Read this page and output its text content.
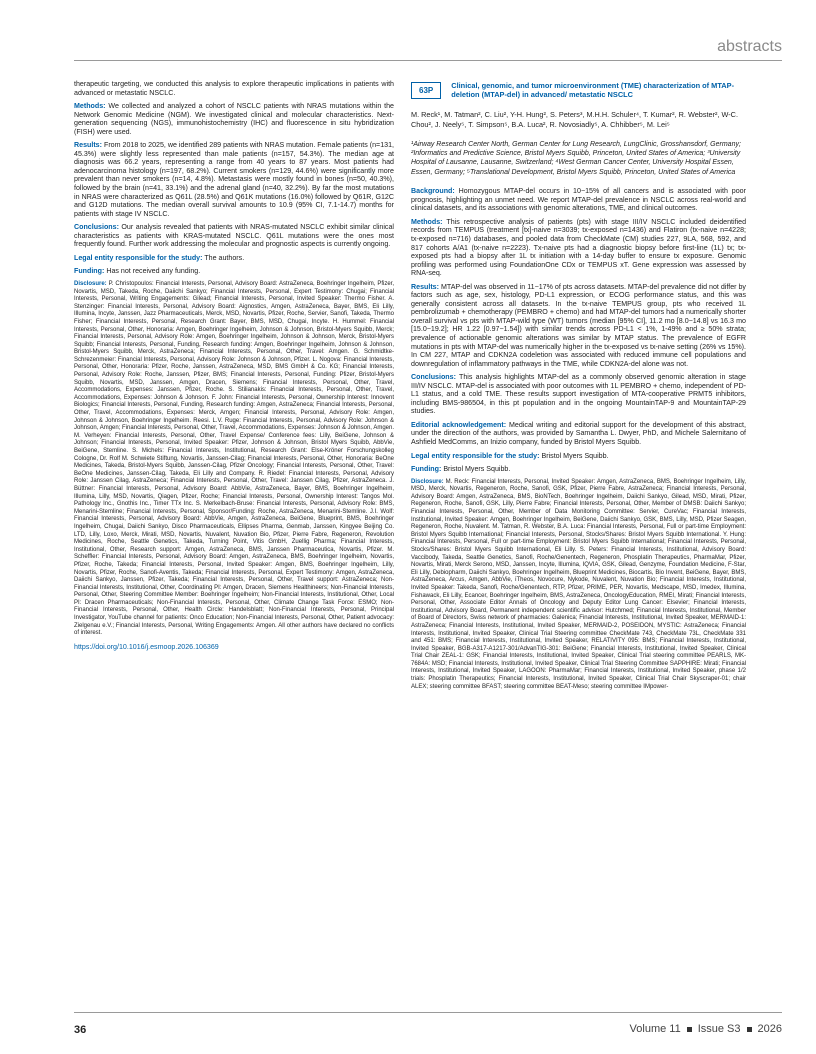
abstracts

therapeutic targeting, we conducted this analysis to explore therapeutic implications in patients with advanced or metastatic NSCLC.

Methods: We collected and analyzed a cohort of NSCLC patients with NRAS mutations within the Network Genomic Medicine (NGM). We investigated clinical and molecular characteristics. Next-generation sequencing (NGS), immunohistochemistry (IHC) and fluorescence in situ hybridization (FISH) were used.

Results: From 2018 to 2025, we identified 289 patients with NRAS mutation. Female patients (n=131, 45.3%) were slightly less represented than male patients (n=157, 54.3%). The median age at diagnosis was 66.2 years, representing a range from 40 years to 87 years. Most patients had adenocarcinoma histology (n=197, 68.2%). Current smokers (n=129, 44.6%) were significantly more prevalent than never smokers (n=14, 4.8%). Metastasis were mostly found in bones (n=50, 40.3%), followed by the brain (n=41, 33.1%) and the adrenal gland (n=40, 32.2%). By far the most mutations in NRAS were characterized as Q61L (28.5%) and Q61K mutations (16.0%) followed by Q61R, G12C and G12D mutations. The median overall survival amounts to 10.9 (95% CI, 7.1-14.7) months for patients with stage IV NSCLC.

Conclusions: Our analysis revealed that patients with NRAS-mutated NSCLC exhibit similar clinical characteristics as patients with KRAS-mutated NSCLC. Q61L mutations were the ones most frequently found. Further work addressing the molecular and prognostic aspects is currently ongoing.

Legal entity responsible for the study: The authors.

Funding: Has not received any funding.

Disclosure: P. Christopoulos: Financial Interests, Personal, Advisory Board: AstraZeneca, Boehringer Ingelheim, Pfizer, Novartis, MSD, Takeda, Roche, Daiichi Sankyo; Financial Interests, Personal, Expert Testimony: Chugai; Financial Interests, Personal, Writing Engagements: Gilead; Financial Interests, Personal, Invited Speaker: Thermo Fisher. A. Stenzinger: Financial Interests, Personal, Advisory Board: Aignostics, Amgen, AstraZeneca, Bayer, BMS, Eli Lilly, Illumina, Incyte, Janssen, Jazz Pharmaceuticals, Merck, MSD, Novartis, Pfizer, Roche, Servier, Sanofi, Takeda, Thermo Fisher; Financial Interests, Personal, Research Grant: Bayer, BMS, MSD, Chugai, Incyte. H. Hummel: Financial Interests, Personal, Other, Honoraria: Amgen, Boehringer Ingelheim, Johnson & Johnson, Bristol-Myers Squibb, Merck; Financial Interests, Personal, Advisory Role: Amgen, Boehringer Ingelheim, Johnson & Johnson, Merck, Bristol-Myers Squibb; Financial Interests, Personal, Funding, Research funding: Amgen, Boehringer Ingelheim, Johnson & Johnson, Bristol-Myers Squibb, Merck, AstraZeneca; Financial Interests, Personal, Other, Travel: Amgen. G. Schmidtke-Schrezenmeier: Financial Interests, Personal, Advisory Role: Johnson & Johnson, Pfizer. L. Nogova: Financial Interests, Personal, Other, Honoraria: Pfizer, Roche, Janssen, AstraZeneca, MSD, BMS GmbH & Co. KG; Financial Interests, Personal, Advisory Role: Roche, Janssen, Pfizer, BMS; Financial Interests, Personal, Funding: Pfizer, Bristol-Myers Squibb, Novartis, MSD, Janssen, Amgen, Dracen, Siemens; Financial Interests, Personal, Other, Travel, Accommodations, Expenses: Janssen, Pfizer, Roche. S. Stilianakis: Financial Interests, Personal, Other, Travel, Accommodations, Expenses: Johnson & Johnson. F. John: Financial Interests, Personal, Ownership Interest: Innovent Biologics; Financial Interests, Personal, Funding, Research funding: Amgen, AstraZeneca; Financial Interests, Personal, Other, Travel, Accommodations, Expenses: Merck, Amgen; Financial Interests, Personal, Advisory Role: Amgen, Johnson & Johnson, Boehringer Ingelheim. Reesi. L.V. Ruge: Financial Interests, Personal, Advisory Role: Johnson & Johnson, Amgen; Financial Interests, Personal, Other, Travel, Accommodations, Expenses: Johnson & Johnson, Amgen. M. Verheyen: Financial Interests, Personal, Other, Travel Expense/ Conference fees: Lilly, BeiGene, Johnson & Johnson; Financial Interests, Personal, Invited Speaker: Pfizer, Johnson & Johnson, Bristol Myers Squibb, AbbVie, BeiGene, Stemline. S. Michels: Financial Interests, Institutional, Research Grant: Else-Kröner Forschungskolleg Cologne, Dr. Rolf M. Schwiete Stiftung, Novartis, Janssen-Cilag; Financial Interests, Personal, Other, Honoraria: BeOne Medicines, Takeda, Bristol-Myers Squibb, Janssen-Cilag, Pfizer Oncology; Financial Interests, Personal, Other, Travel: BeOne Medicines, Janssen-Cilag, Takeda, Eli Lilly and Company. R. Riedel: Financial Interests, Personal, Advisory Role: Janssen Cilag, AstraZeneca; Financial Interests, Personal, Other, Travel: Janssen Cilag, Pfizer, AstraZeneca. J. Büttner: Financial Interests, Personal, Advisory Board: AbbVie, AstraZeneca, Bayer, BMS, Boehringer Ingelheim, Illumina, Lilly, MSD, Novartis, Qiagen, Pfizer, Roche; Financial Interests, Personal, Ownership Interest: Tangos Mol. Pathology Inc., Gnothis Inc., Timer TTx Inc. S. Merkelbach-Bruse: Financial Interests, Personal, Advisory Role: BMS, Menarini-Stemline; Financial Interests, Personal, Sponsor/Funding: Roche, AstraZeneca, Menarini-Stemline. J.I. Wolf: Financial Interests, Personal, Advisory Board: AbbVie, Amgen, AstraZeneca, BeiGene, Blueprint, BMS, Boehringer Ingelheim, Chugai, Daiichi Sankyo, Disco Pharmaceuticals, Ellipses Pharma, Genmab, Janssen, Kingyee Beijing Co. LTD, Lilly, Loxo, Merck, Mirati, MSD, Novartis, Nuvalent, Nuvation Bio, Pfizer, Pierre Fabre, Regeneron, Revolution Medicines, Roche, Seattle Genetics, Takeda, Turning Point, Vitis GmbH, Zuellig Pharma; Financial Interests, Institutional, Other, Research support: Amgen, AstraZeneca, BMS, Janssen Pharmaceutica, Novartis, Pfizer. M. Scheffler: Financial Interests, Personal, Advisory Board: Amgen, AstraZeneca, BMS, Boehringer Ingelheim, Novartis, Pfizer, Roche, Takeda; Financial Interests, Personal, Invited Speaker: Amgen, BMS, Boehringer Ingelheim, Lilly, Novartis, Pfizer, Roche, Sanofi-Aventis, Takeda; Financial Interests, Personal, Expert Testimony: Amgen, AstraZeneca, Daiichi Sankyo, Janssen, Pfizer, Takeda; Financial Interests, Personal, Other, Travel support: AstraZeneca; Non-Financial Interests, Institutional, Other, Coordinating PI: Amgen, Dracen, Siemens Healthineers; Non-Financial Interests, Personal, Other, Steering Committee Member: Boehringer Ingelheim; Non-Financial Interests, Institutional, Other, Local PI: Dracen Pharmaceuticals; Non-Financial Interests, Personal, Other, Climate Change Task Force: ESMO; Non-Financial Interests, Personal, Other, Health Circle: Handelsblatt; Non-Financial Interests, Personal, Principal Investigator, YouTube channel for patients: Onco Education; Non-Financial Interests, Personal, Other, Patient advocacy: Zielgenau e.V.; Financial Interests, Personal, Writing Engagements: Amgen. All other authors have declared no conflicts of interest.

https://doi.org/10.1016/j.esmoop.2026.106369
63P
Clinical, genomic, and tumor microenvironment (TME) characterization of MTAP-deletion (MTAP-del) in advanced/ metastatic NSCLC

M. Reck¹, M. Tatman², C. Liu², Y-H. Hung², S. Peters³, M.H.H. Schuler⁴, T. Kumar², R. Webster², W-C. Chou², J. Neely⁵, T. Simpson⁵, B.A. Luca², R. Novosiadly⁵, A. Chhibber⁵, M. Lei⁵

¹Airway Research Center North, German Center for Lung Research, LungClinic, Grosshansdorf, Germany; ²Informatics and Predictive Science, Bristol Myers Squibb, Princeton, United States of America; ³University Hospital of Lausanne, Lausanne, Switzerland; ⁴West German Cancer Center, University Hospital Essen, Essen, Germany; ⁵Translational Development, Bristol Myers Squibb, Princeton, United States of America

Background: Homozygous MTAP-del occurs in 10−15% of all cancers and is associated with poor prognosis, highlighting an unmet need. We report MTAP-del prevalence in NSCLC across real-world and clinical datasets, and its associations with genomic alterations, TME, and clinical outcomes.

Methods: This retrospective analysis of patients (pts) with stage III/IV NSCLC included deidentified records from TEMPUS (treatment [tx]-naive n=3039; tx-exposed n=1436) and Flatiron (tx-naive n=4228; tx-exposed n=716) databases, and pooled data from CheckMate (CM) studies 227, 9LA, 568, 592, and 817 cohorts A/A1 (tx-naive n=2223). Tx-naive pts had a diagnostic biopsy before first-line (1L) tx; tx-exposed pts had a biopsy after 1L tx initiation with a 14-day buffer to ensure tx exposure. Genomic profiling was performed using FoundationOne CDx or TEMPUS xT. Gene expression was assessed by RNA-seq.

Results: MTAP-del was observed in 11−17% of pts across datasets. MTAP-del prevalence did not differ by factors such as age, sex, histology, PD-L1 expression, or ECOG performance status, and this was generally consistent across all datasets. In the tx-naive TEMPUS group, pts who received 1L pembrolizumab + chemotherapy (PEMBRO + chemo) and had MTAP-del tumors had a numerically shorter overall survival vs pts with MTAP-wild type (WT) tumors (median [95% CI], 11.2 mo [8.0−14.8] vs 16.3 mo [15.0−19.2]; HR 1.22 [0.97−1.54]) with similar trends across PD-L1 < 1%, 1-49% and ≥ 50% strata; prevalence of actionable genomic alterations was similar by MTAP status. The prevalence of EGFR mutations in pts with MTAP-del was numerically higher in the tx-exposed vs tx-naive setting (26% vs 15%). In CM 227, MTAP and CDKN2A codeletion was associated with reduced immune cell populations and downregulation of inflammatory pathways in the TME, while CDKN2A-del alone was not.

Conclusions: This analysis highlights MTAP-del as a commonly observed genomic alteration in stage III/IV NSCLC. MTAP-del is associated with poor outcomes with 1L PEMBRO + chemo, independent of PD-L1 status, and a cold TME. These results support investigation of MTA-cooperative PRMT5 inhibitors, including BMS-986504, in this pt population and in the ongoing MountainTAP-9 and MountainTAP-29 studies.

Editorial acknowledgement: Medical writing and editorial support for the development of this abstract, under the direction of the authors, was provided by Samantha L. Dwyer, PhD, and Michele Salernitano of Ashfield MedComms, an Inizio company, funded by Bristol Myers Squibb.

Legal entity responsible for the study: Bristol Myers Squibb.

Funding: Bristol Myers Squibb.

Disclosure: M. Reck: Financial Interests, Personal, Invited Speaker: Amgen, AstraZeneca, BMS, Boehringer Ingelheim, Lilly, MSD, Merck, Novartis, Regeneron, Roche, Sanofi, GSK, Pfizer, Pierre Fabre, AstraZeneca; Financial Interests, Personal, Advisory Board: Amgen, AstraZeneca, BMS, BioNTech, Boehringer Ingelheim, Daiichi Sankyo, Gilead, MSD, Mirati, Pfizer, Regeneron, Roche, Sanofi, GSK, Lilly, Pierre Fabre; Financial Interests, Personal, Other, Member of DMSB: Daiichi Sankyo; Financial Interests, Personal, Other, Member of Data Monitoring Committee: Servier, CureVac; Financial Interests, Institutional, Invited Speaker: Amgen, Boehringer Ingelheim, BeiGene, Daiichi Sankyo, GSK, BMS, Lilly, MSD, Pfizer Seagen, Regeneron, Roche, Nuvalent. M. Tatman, R. Webster, B.A. Luca: Financial Interests, Personal, Full or part-time Employment: Bristol Myers Squibb International; Financial Interests, Personal, Stocks/Shares: Bristol Myers Squibb International. Y. Hung: Financial Interests, Personal, Full or part-time Employment: Bristol Myers Squibb International; Financial Interests, Personal, Stocks/Shares: Bristol Myers Squibb International, Eli Lilly. S. Peters: Financial Interests, Institutional, Advisory Board: Vaccibody, Takeda, Seattle Genetics, Sanofi, Roche/Genentech, Regeneron, Phosplatin Therapeutics, PharmaMar, Pfizer, Novartis, Mirati, Merck Serono, MSD, Janssen, Incyte, Illumina, IQVIA, GSK, Gilead, Genzyme, Foundation Medicine, F-Star, Eli Lilly, Debiopharm, Daiichi Sankyo, Boehringer Ingelheim, Blueprint Medicines, Biocartis, Bio Invent, BeiGene, Bayer, BMS, AstraZeneca, Arcus, Amgen, AbbVie, iTheos, Novocure, Nykode, Nuvalent, Nuvation Bio; Financial Interests, Institutional, Invited Speaker: Takeda, Sanofi, Roche/Genentech, RTP, Pfizer, PRIME, PER, Novartis, Medscape, MSD, Imedex, Illumina, Fishawack, Eli Lilly, Ecancer, Boehringer Ingelheim, BMS, AstraZeneca, OncologyEducation, RMEI, Mirati; Financial Interests, Personal, Other, Associate Editor Annals of Oncology and Deputy Editor Lung Cancer: Elsevier; Financial Interests, Institutional, Advisory Board, Permanent independent scientific advisor: Hutchmed; Financial Interests, Institutional, Member of Board of Directors, Swiss network of pharmacies: Galenica; Financial Interests, Institutional, Invited Speaker, MERMAID-1: AstraZeneca; Financial Interests, Institutional, Invited Speaker, MERMAID-2, POSEIDON, MYSTIC: AstraZeneca; Financial Interests, Institutional, Invited Speaker, Clinical Trial Steering committee CheckMate 743, CheckMate 73L, CheckMate 331 and 451: BMS; Financial Interests, Institutional, Invited Speaker, RELATIVITY 095: BMS; Financial Interests, Institutional, Invited Speaker, BGB-A317-A1217-301/AdvanTIG-301: BeiGene; Financial Interests, Institutional, Invited Speaker, Clinical Trial Chair ZEAL-1: GSK; Financial Interests, Institutional, Invited Speaker, Clinical Trial steering committee PEARLS, MK-7684A: MSD; Financial Interests, Institutional, Invited Speaker, Clinical Trial Steering Committee SAPPHIRE: Mirati; Financial Interests, Institutional, Invited Speaker, LAGOON: PharmaMar; Financial Interests, Institutional, Invited Speaker, phase 1/2 trials: Phosplatin Therapeutics; Financial Interests, Institutional, Invited Speaker, Clinical Trial Chair Skyscraper-01; chair ALEX; steering committee BFAST; steering committee BEAT-Meso; steering committee IMpower-

36	Volume 11 Issue S3 2026
